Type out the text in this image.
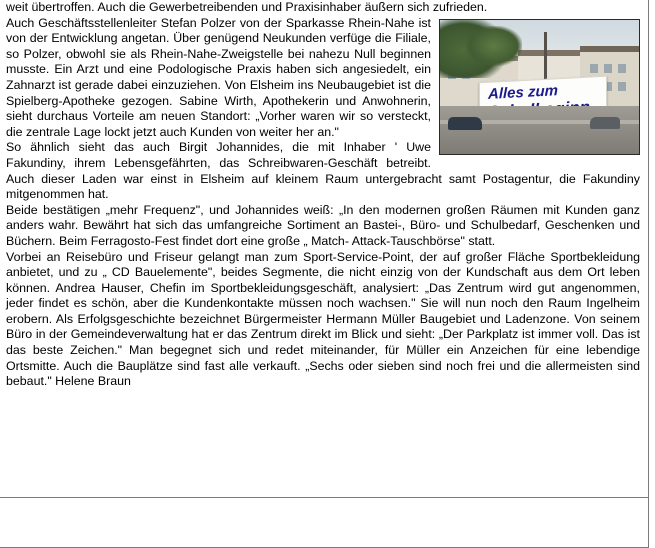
weit übertroffen. Auch die Gewerbetreibenden und Praxisinhaber äußern sich zufrieden.

Alles zum

Auch Geschäftsstellenleiter Stefan Polzer von der Sparkasse Rhein-Nahe ist von der Entwicklung angetan. Über genügend Neukunden verfüge die Filiale, so Polzer, obwohl sie als Rhein-Nahe-Zweigstelle bei nahezu Null beginnen musste. Ein Arzt und eine Podologische Praxis haben sich angesiedelt, ein Zahnarzt ist gerade dabei einzuziehen. Von Elsheim ins Neubaugebiet ist die Spielberg-Apotheke gezogen. Sabine Wirth, Apothekerin und Anwohnerin, sieht durchaus Vorteile am neuen Standort: „Vorher waren wir so versteckt, die zentrale Lage lockt jetzt auch Kunden von weiter her an."

So ähnlich sieht das auch Birgit Johannides, die mit Inhaber ' Uwe Fakundiny, ihrem Lebensgefährten, das Schreibwaren-Geschäft betreibt. Auch dieser Laden war einst in Elsheim auf kleinem Raum untergebracht samt Postagentur, die Fakundiny mitgenommen hat.

Beide bestätigen „mehr Frequenz", und Johannides weiß: „In den modernen großen Räumen mit Kunden ganz anders wahr. Bewährt hat sich das umfangreiche Sortiment an Bastei-, Büro- und Schulbedarf, Geschenken und Büchern. Beim Ferragosto-Fest findet dort eine große „ Match- Attack-Tauschbörse" statt.

Vorbei an Reisebüro und Friseur gelangt man zum Sport-Service-Point, der auf großer Fläche Sportbekleidung anbietet, und zu „ CD Bauelemente", beides Segmente, die nicht einzig von der Kundschaft aus dem Ort leben können. Andrea Hauser, Chefin im Sportbekleidungsgeschäft, analysiert: „Das Zentrum wird gut angenommen, jeder findet es schön, aber die Kundenkontakte müssen noch wachsen." Sie will nun noch den Raum Ingelheim erobern. Als Erfolgsgeschichte bezeichnet Bürgermeister Hermann Müller Baugebiet und Ladenzone. Von seinem Büro in der Gemeindeverwaltung hat er das Zentrum direkt im Blick und sieht: „Der Parkplatz ist immer voll. Das ist das beste Zeichen." Man begegnet sich und redet miteinander, für Müller ein Anzeichen für eine lebendige Ortsmitte. Auch die Bauplätze sind fast alle verkauft. „Sechs oder sieben sind noch frei und die allermeisten sind bebaut." Helene Braun
